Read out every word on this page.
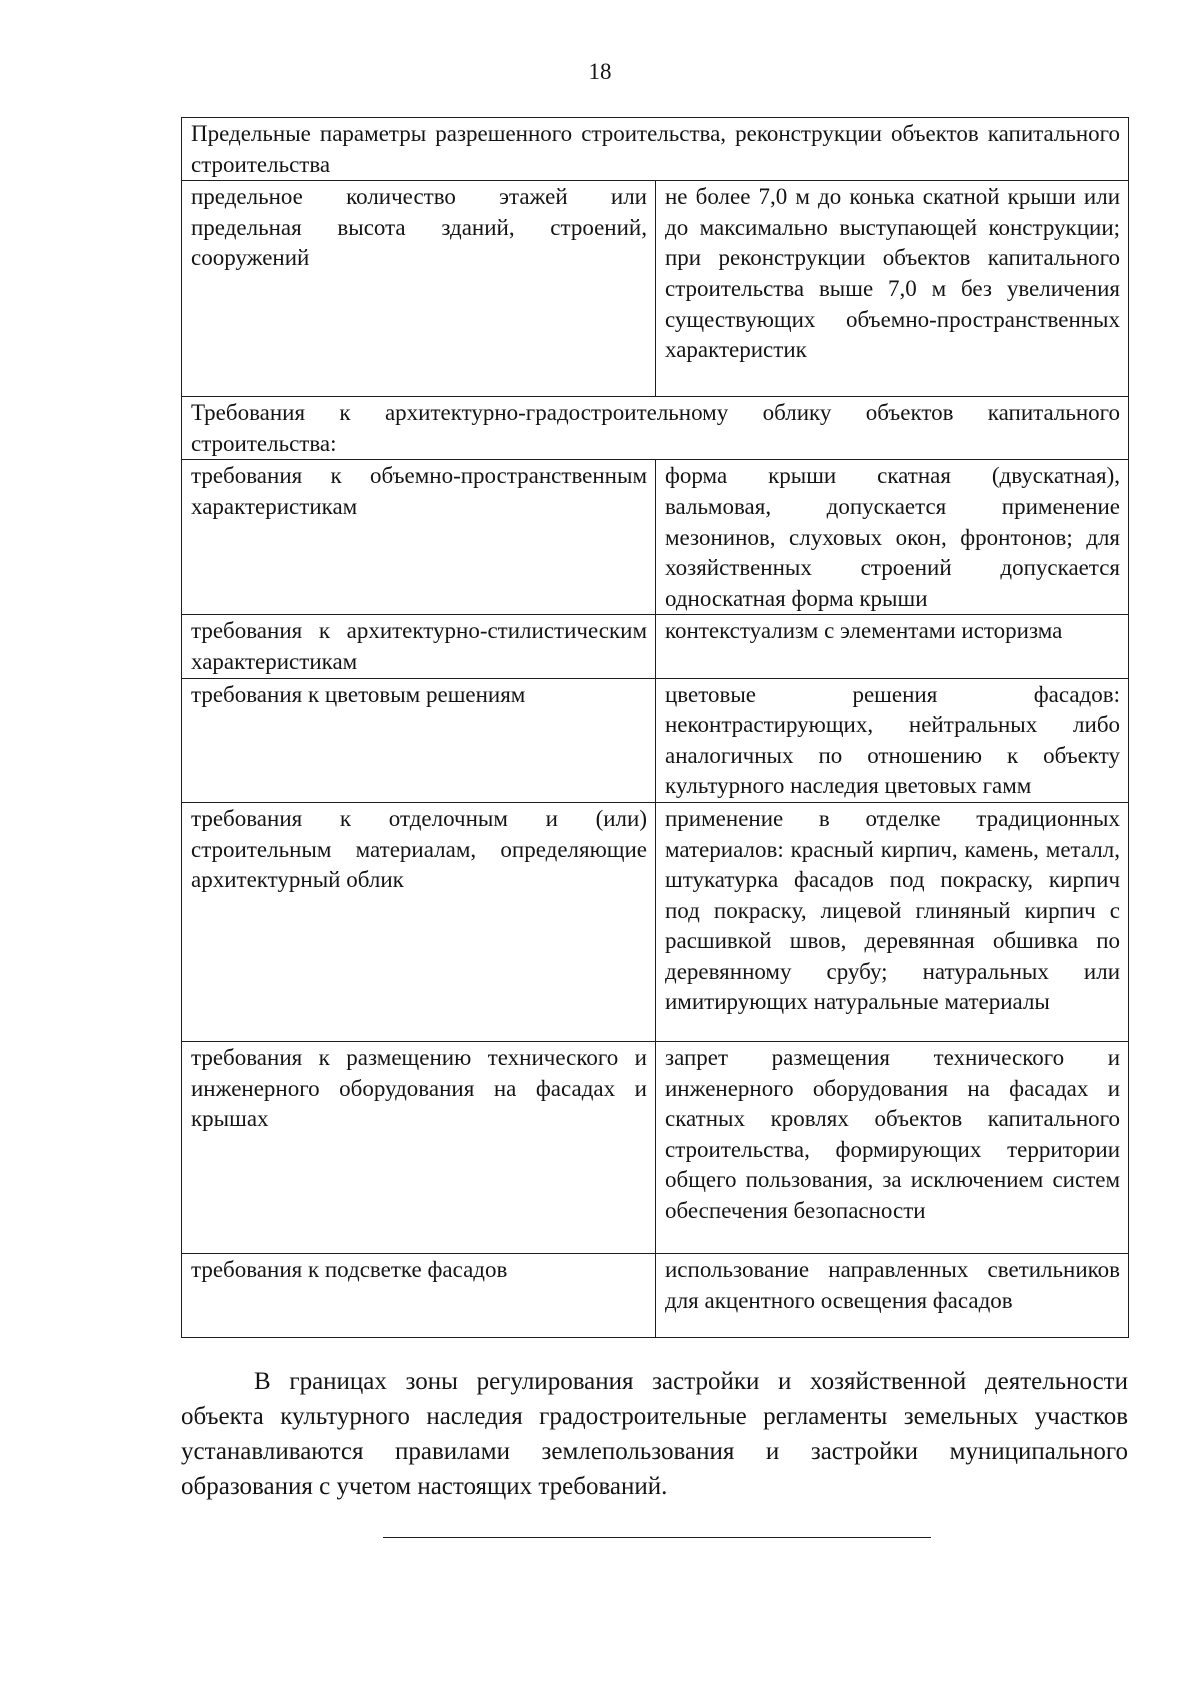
18
Предельные параметры разрешенного строительства, реконструкции объектов капитального строительства	
предельное количество этажей или предельная высота зданий, строений, сооружений	не более 7,0 м до конька скатной крыши или до максимально выступающей конструкции; при реконструкции объектов капитального строительства выше 7,0 м без увеличения существующих объемно-пространственных характеристик
Требования к архитектурно-градостроительному облику объектов капитального строительства:	
требования к объемно-пространственным характеристикам	форма крыши скатная (двускатная), вальмовая, допускается применение мезонинов, слуховых окон, фронтонов; для хозяйственных строений допускается односкатная форма крыши
требования к архитектурно-стилистическим характеристикам	контекстуализм с элементами историзма
требования к цветовым решениям	цветовые решения фасадов: неконтрастирующих, нейтральных либо аналогичных по отношению к объекту культурного наследия цветовых гамм
требования к отделочным и (или) строительным материалам, определяющие архитектурный облик	применение в отделке традиционных материалов: красный кирпич, камень, металл, штукатурка фасадов под покраску, кирпич под покраску, лицевой глиняный кирпич с расшивкой швов, деревянная обшивка по деревянному срубу; натуральных или имитирующих натуральные материалы
требования к размещению технического и инженерного оборудования на фасадах и крышах	запрет размещения технического и инженерного оборудования на фасадах и скатных кровлях объектов капитального строительства, формирующих территории общего пользования, за исключением систем обеспечения безопасности
требования к подсветке фасадов	использование направленных светильников для акцентного освещения фасадов

В границах зоны регулирования застройки и хозяйственной деятельности объекта культурного наследия градостроительные регламенты земельных участков устанавливаются правилами землепользования и застройки муниципального образования с учетом настоящих требований.
